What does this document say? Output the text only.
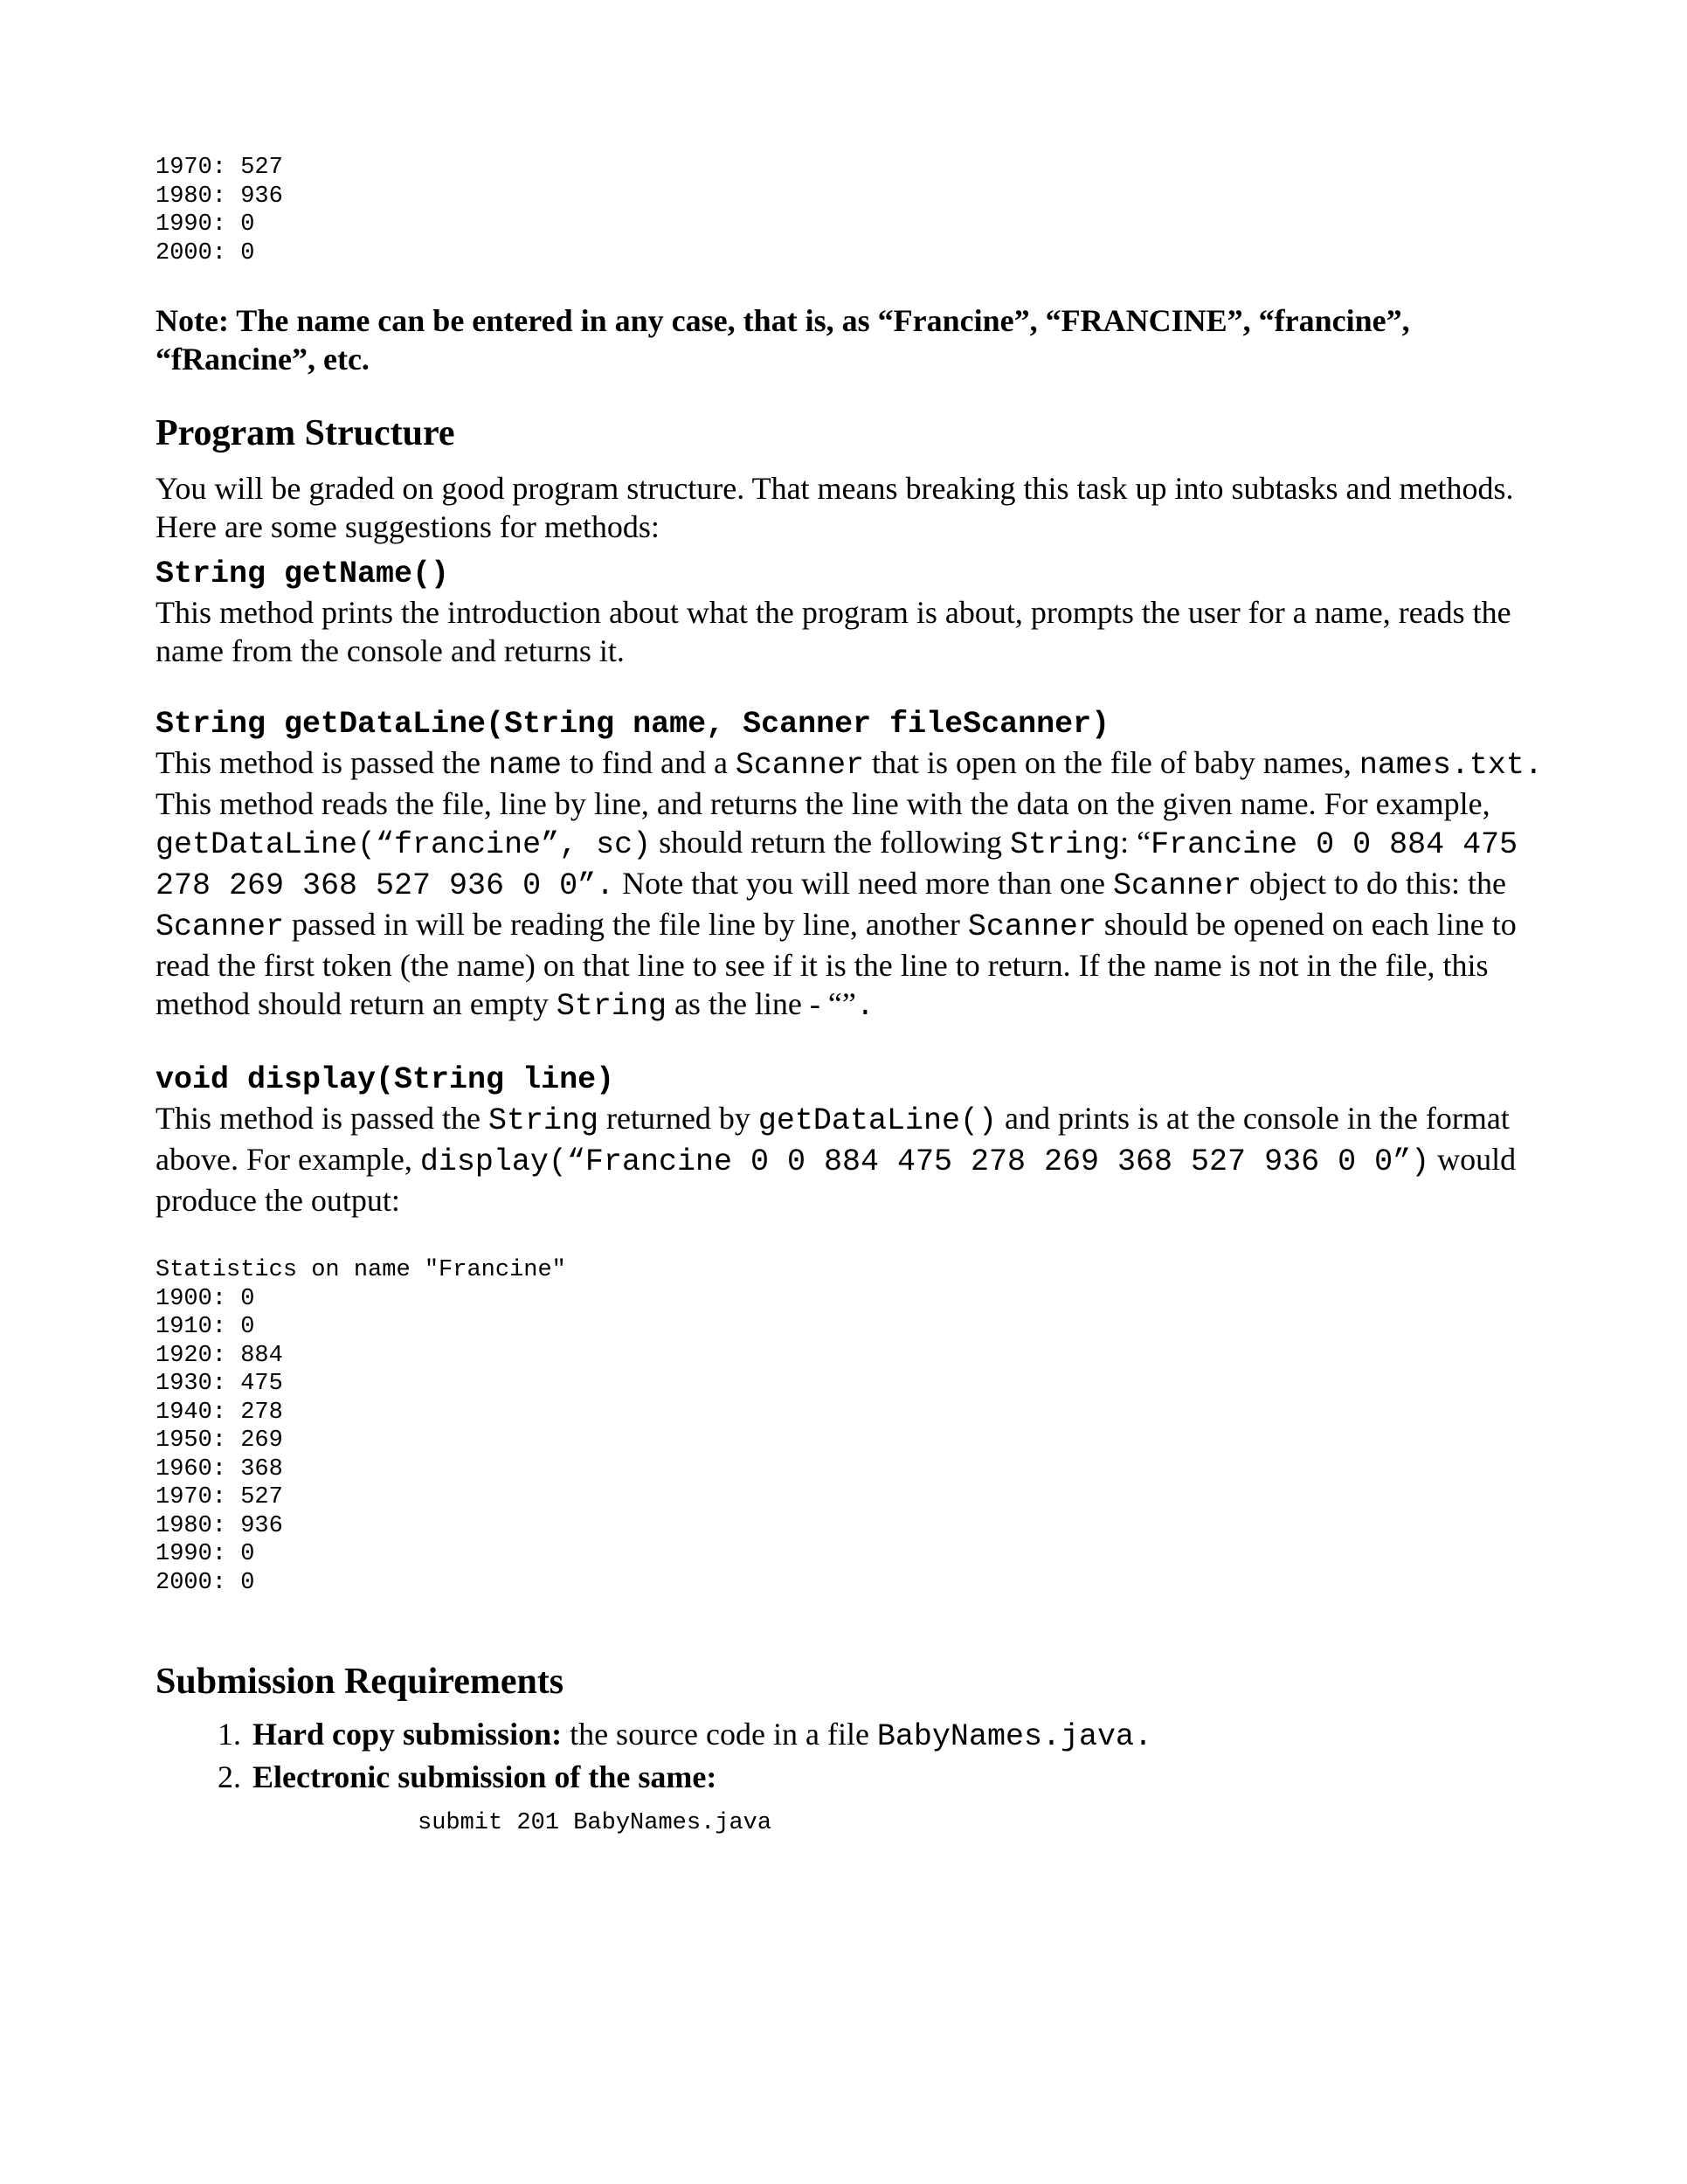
1970: 527
1980: 936
1990: 0
2000: 0

Note: The name can be entered in any case, that is, as “Francine”, “FRANCINE”, “francine”, “fRancine”, etc.

Program Structure

You will be graded on good program structure. That means breaking this task up into subtasks and methods. Here are some suggestions for methods:

String getName()

This method prints the introduction about what the program is about, prompts the user for a name, reads the name from the console and returns it.

String getDataLine(String name, Scanner fileScanner)

This method is passed the name to find and a Scanner that is open on the file of baby names, names.txt. This method reads the file, line by line, and returns the line with the data on the given name. For example, getDataLine(“francine”, sc) should return the following String: “Francine 0 0 884 475 278 269 368 527 936 0 0”. Note that you will need more than one Scanner object to do this: the Scanner passed in will be reading the file line by line, another Scanner should be opened on each line to read the first token (the name) on that line to see if it is the line to return. If the name is not in the file, this method should return an empty String as the line - “”.

void display(String line)

This method is passed the String returned by getDataLine() and prints is at the console in the format above. For example, display(“Francine 0 0 884 475 278 269 368 527 936 0 0”) would produce the output:

Statistics on name "Francine"
1900: 0
1910: 0
1920: 884
1930: 475
1940: 278
1950: 269
1960: 368
1970: 527
1980: 936
1990: 0
2000: 0
Submission Requirements
1. Hard copy submission: the source code in a file BabyNames.java.
2. Electronic submission of the same:
submit 201 BabyNames.java
